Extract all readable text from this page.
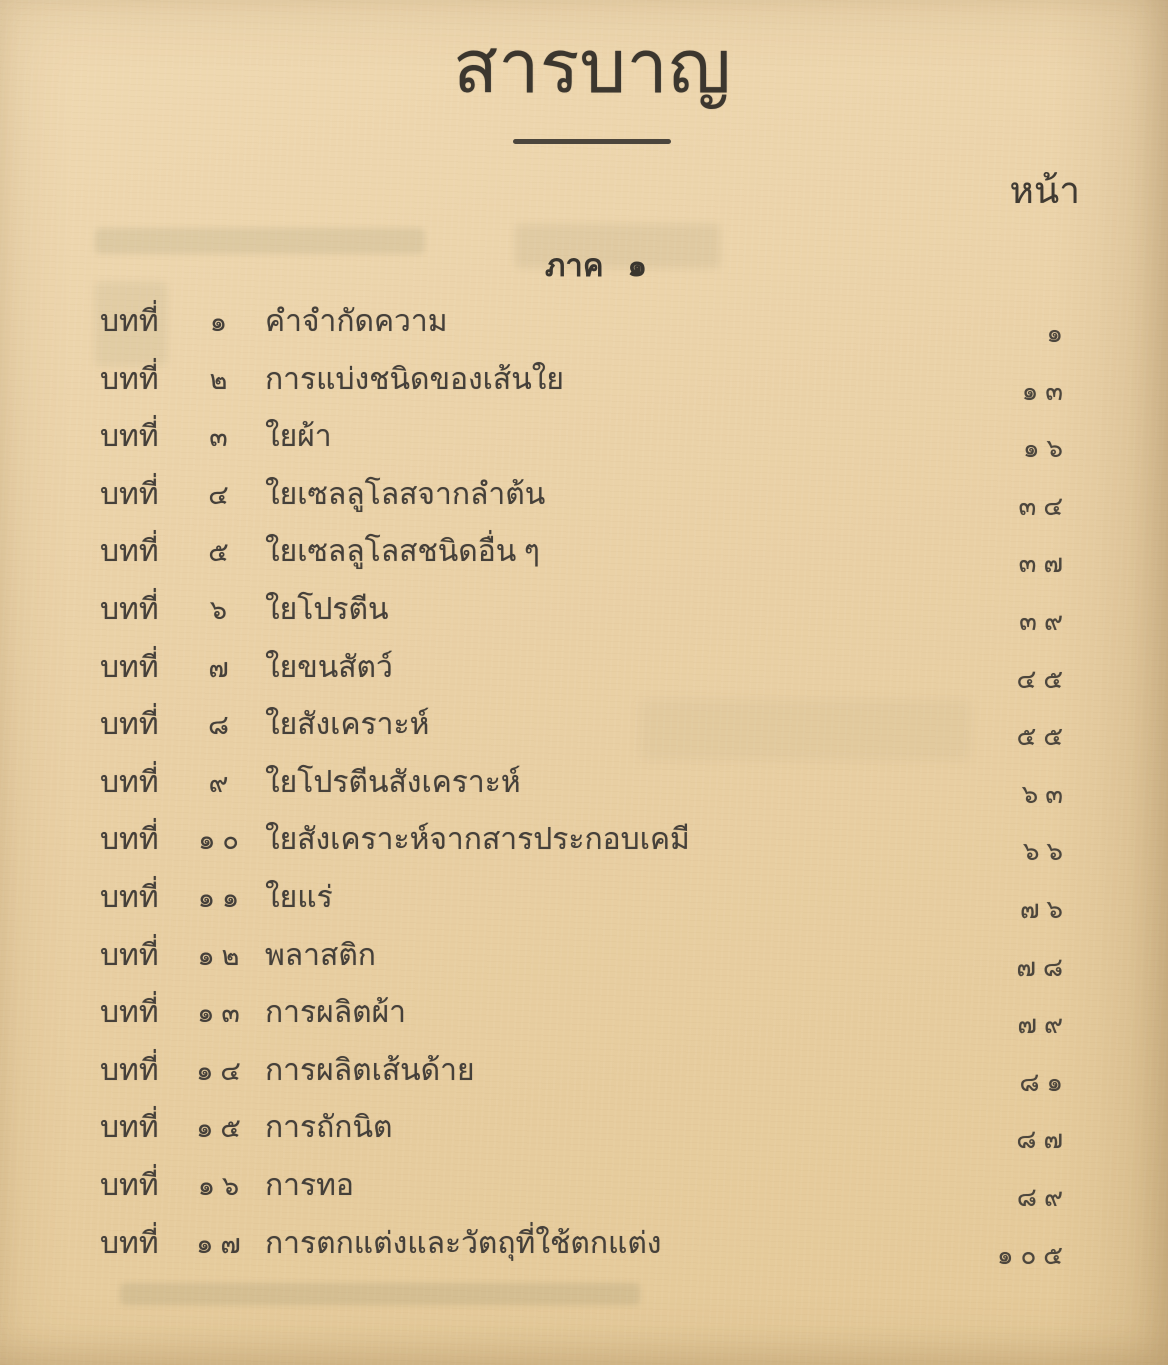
สารบาญ
หน้า
ภาค ๑
บทที่	๑	คำจำกัดความ	๑
บทที่	๒	การแบ่งชนิดของเส้นใย	๑๓
บทที่	๓	ใยผ้า	๑๖
บทที่	๔ ใยเซลลูโลสจากลำต้น	๓๔
บทที่	๕ ใยเซลลูโลสชนิดอื่น ๆ	๓๗
บทที่	๖	ใยโปรตีน	๓๙
บทที่	๗ ใยขนสัตว์	๔๕
บทที่	๘ ใยสังเคราะห์	๕๕
บทที่	๙ ใยโปรตีนสังเคราะห์	๖๓
บทที่	๑๐ ใยสังเคราะห์จากสารประกอบเคมี	๖๖
บทที่	๑๑ ใยแร่	๗๖
บทที่	๑๒ พลาสติก	๗๘
บทที่	๑๓ การผลิตผ้า	๗๙
บทที่	๑๔ การผลิตเส้นด้าย	๘๑
บทที่	๑๕ การถักนิต	๘๗
บทที่	๑๖ การทอ	๘๙
บทที่	๑๗ การตกแต่งและวัตถุที่ใช้ตกแต่ง	๑๐๕
